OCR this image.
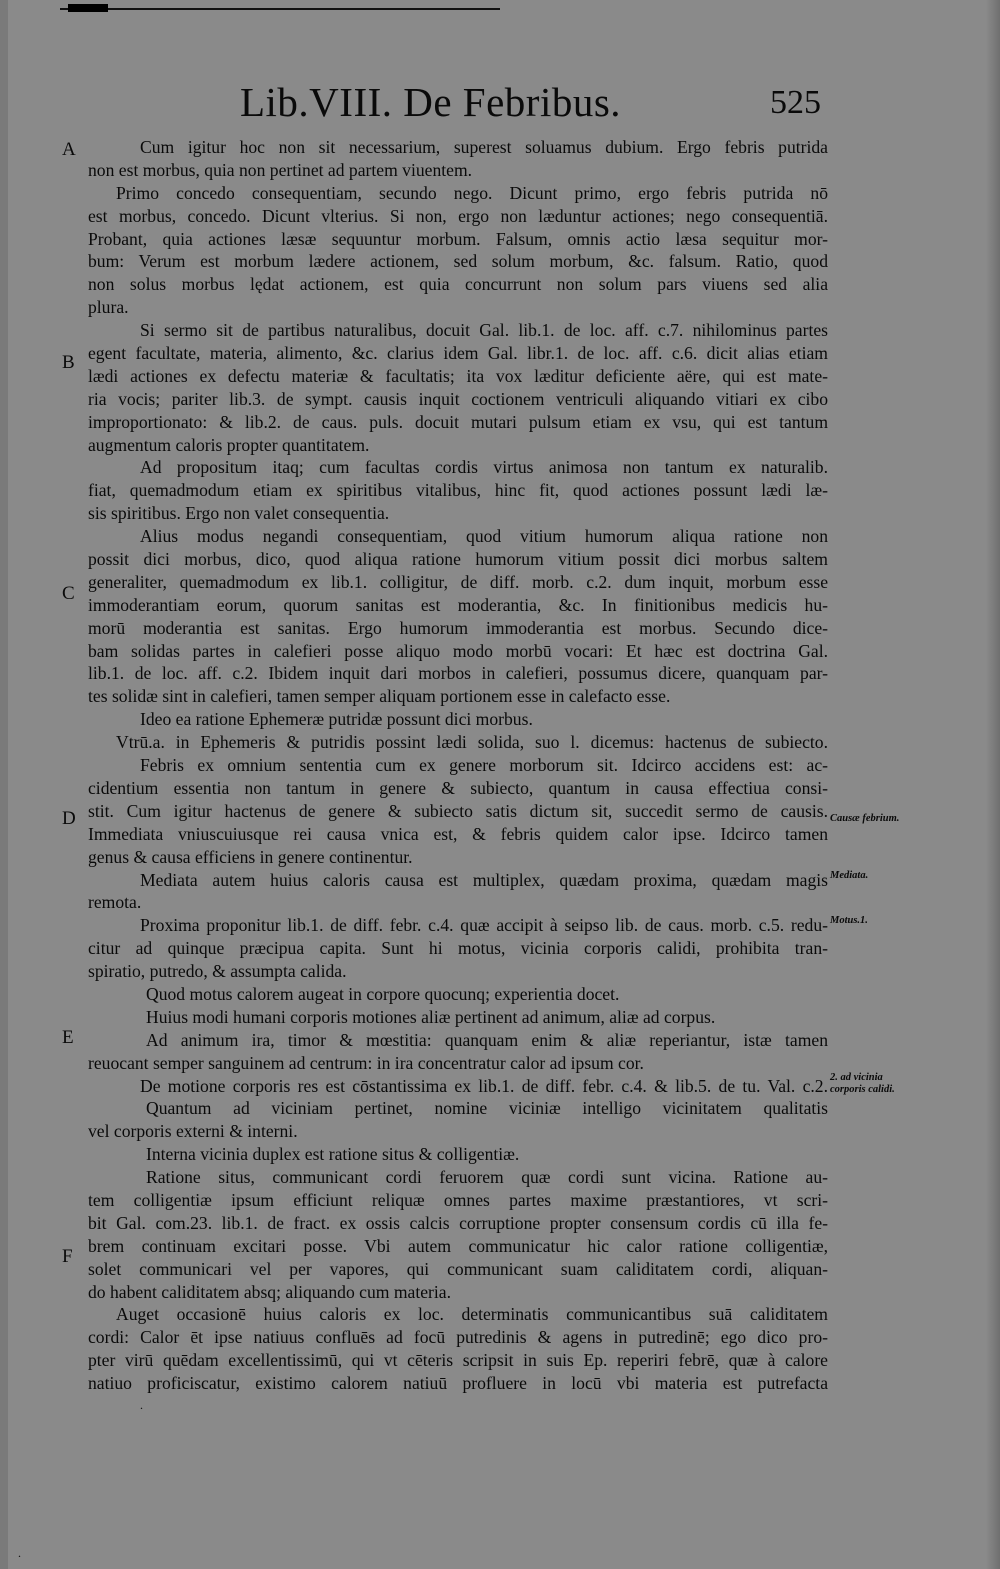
Lib.VIII. De Febribus.	525
A
B
C
D
E
F
Causæ febrium.
Mediata.
Motus.1.
2. ad vicinia corporis calidi.
Cum igitur hoc non sit necessarium, superest soluamus dubium. Ergo febris putrida
non est morbus, quia non pertinet ad partem viuentem.
Primo concedo consequentiam, secundo nego. Dicunt primo, ergo febris putrida nō
est morbus, concedo. Dicunt vlterius. Si non, ergo non læduntur actiones; nego consequentiā.
Probant, quia actiones læsæ sequuntur morbum. Falsum, omnis actio læsa sequitur mor-
bum: Verum est morbum lædere actionem, sed solum morbum, &c. falsum. Ratio, quod
non solus morbus lędat actionem, est quia concurrunt non solum pars viuens sed alia
plura.
Si sermo sit de partibus naturalibus, docuit Gal. lib.1. de loc. aff. c.7. nihilominus partes
egent facultate, materia, alimento, &c. clarius idem Gal. libr.1. de loc. aff. c.6. dicit alias etiam
lædi actiones ex defectu materiæ & facultatis; ita vox læditur deficiente aëre, qui est mate-
ria vocis; pariter lib.3. de sympt. causis inquit coctionem ventriculi aliquando vitiari ex cibo
improportionato: & lib.2. de caus. puls. docuit mutari pulsum etiam ex vsu, qui est tantum
augmentum caloris propter quantitatem.
Ad propositum itaq; cum facultas cordis virtus animosa non tantum ex naturalib.
fiat, quemadmodum etiam ex spiritibus vitalibus, hinc fit, quod actiones possunt lædi læ-
sis spiritibus. Ergo non valet consequentia.
Alius modus negandi consequentiam, quod vitium humorum aliqua ratione non
possit dici morbus, dico, quod aliqua ratione humorum vitium possit dici morbus saltem
generaliter, quemadmodum ex lib.1. colligitur, de diff. morb. c.2. dum inquit, morbum esse
immoderantiam eorum, quorum sanitas est moderantia, &c. In finitionibus medicis hu-
morū moderantia est sanitas. Ergo humorum immoderantia est morbus. Secundo dice-
bam solidas partes in calefieri posse aliquo modo morbū vocari: Et hæc est doctrina Gal.
lib.1. de loc. aff. c.2. Ibidem inquit dari morbos in calefieri, possumus dicere, quanquam par-
tes solidæ sint in calefieri, tamen semper aliquam portionem esse in calefacto esse.
Ideo ea ratione Ephemeræ putridæ possunt dici morbus.
Vtrū.a. in Ephemeris & putridis possint lædi solida, suo l. dicemus: hactenus de subiecto.
Febris ex omnium sententia cum ex genere morborum sit. Idcirco accidens est: ac-
cidentium essentia non tantum in genere & subiecto, quantum in causa effectiua consi-
stit. Cum igitur hactenus de genere & subiecto satis dictum sit, succedit sermo de causis.
Immediata vniuscuiusque rei causa vnica est, & febris quidem calor ipse. Idcirco tamen
genus & causa efficiens in genere continentur.
Mediata autem huius caloris causa est multiplex, quædam proxima, quædam magis
remota.
Proxima proponitur lib.1. de diff. febr. c.4. quæ accipit à seipso lib. de caus. morb. c.5. redu-
citur ad quinque præcipua capita. Sunt hi motus, vicinia corporis calidi, prohibita tran-
spiratio, putredo, & assumpta calida.
Quod motus calorem augeat in corpore quocunq; experientia docet.
Huius modi humani corporis motiones aliæ pertinent ad animum, aliæ ad corpus.
Ad animum ira, timor & mœstitia: quanquam enim & aliæ reperiantur, istæ tamen
reuocant semper sanguinem ad centrum: in ira concentratur calor ad ipsum cor.
De motione corporis res est cōstantissima ex lib.1. de diff. febr. c.4. & lib.5. de tu. Val. c.2.
Quantum ad viciniam pertinet, nomine viciniæ intelligo vicinitatem qualitatis
vel corporis externi & interni.
Interna vicinia duplex est ratione situs & colligentiæ.
Ratione situs, communicant cordi feruorem quæ cordi sunt vicina. Ratione au-
tem colligentiæ ipsum efficiunt reliquæ omnes partes maxime præstantiores, vt scri-
bit Gal. com.23. lib.1. de fract. ex ossis calcis corruptione propter consensum cordis cū illa fe-
brem continuam excitari posse. Vbi autem communicatur hic calor ratione colligentiæ,
solet communicari vel per vapores, qui communicant suam caliditatem cordi, aliquan-
do habent caliditatem absq; aliquando cum materia.
Auget occasionē huius caloris ex loc. determinatis communicantibus suā caliditatem
cordi: Calor ēt ipse natiuus confluēs ad focū putredinis & agens in putredinē; ego dico pro-
pter virū quēdam excellentissimū, qui vt cēteris scripsit in suis Ep. reperiri febrē, quæ à calore
natiuo proficiscatur, existimo calorem natiuū profluere in locū vbi materia est putrefacta
.
.
